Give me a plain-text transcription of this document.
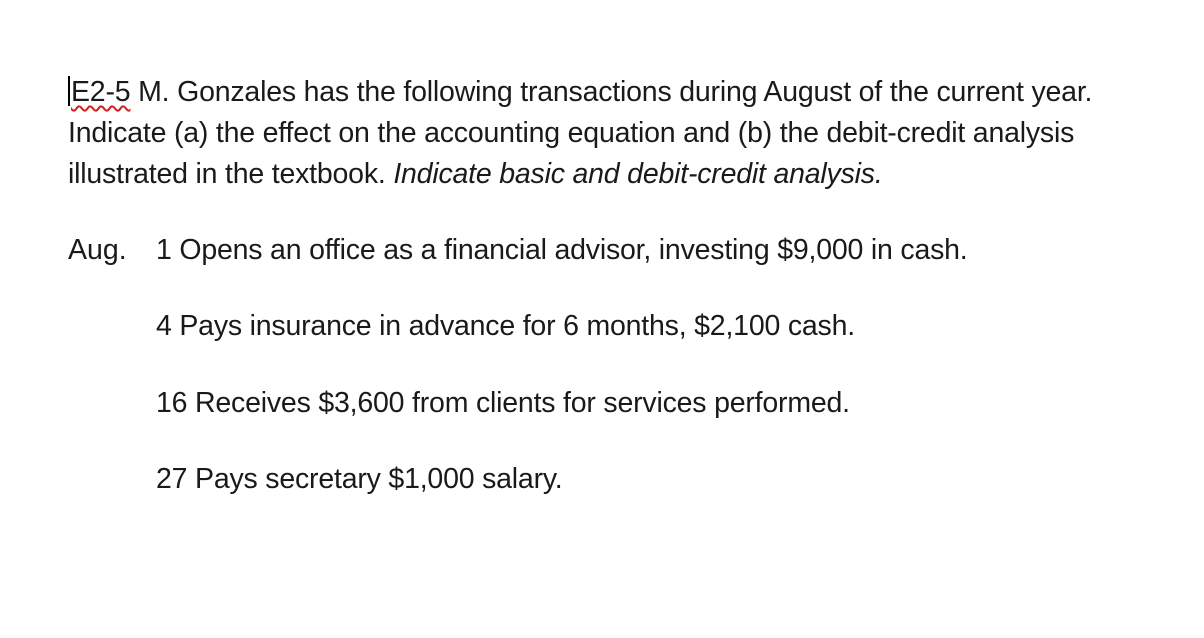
E2-5 M. Gonzales has the following transactions during August of the current year. Indicate (a) the effect on the accounting equation and (b) the debit-credit analysis illustrated in the textbook. Indicate basic and debit-credit analysis.

Aug. 1 Opens an office as a financial advisor, investing $9,000 in cash.
4 Pays insurance in advance for 6 months, $2,100 cash.
16 Receives $3,600 from clients for services performed.
27 Pays secretary $1,000 salary.
